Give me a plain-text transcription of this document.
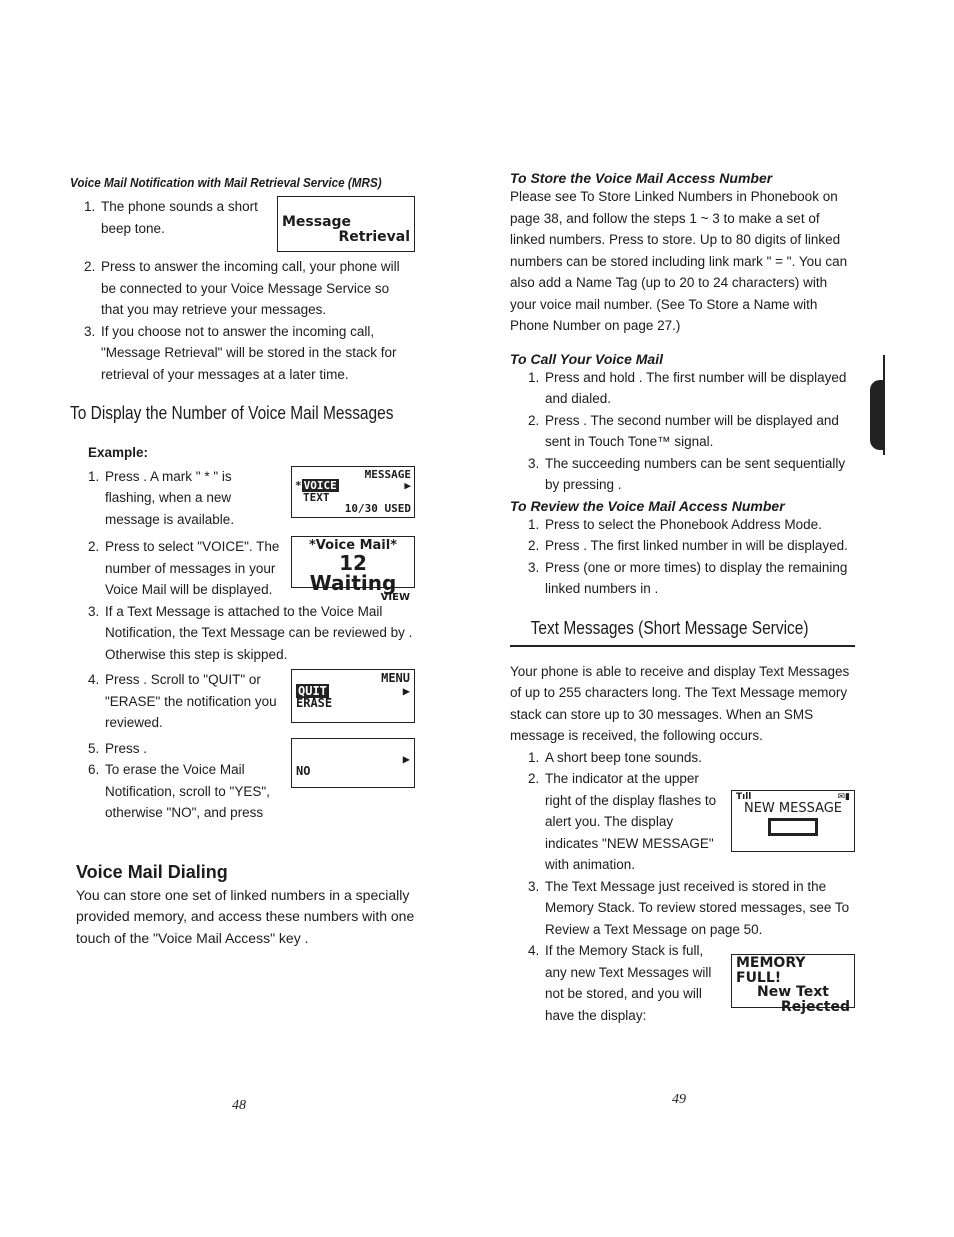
Voice Mail Notification with Mail Retrieval Service (MRS)

1. The phone sounds a short beep tone.	Message
Retrieval
2. Press to answer the incoming call, your phone will be connected to your Voice Message Service so that you may retrieve your messages.
3. If you choose not to answer the incoming call, "Message Retrieval" will be stored in the stack for retrieval of your messages at a later time.

To Display the Number of Voice Mail Messages

Example:

1. Press . A mark " * " is flashing, when a new message is available.
MESSAGE
* VOICE	▶
TEXT
10/30 USED
2. Press to select "VOICE". The number of messages in your Voice Mail will be displayed.
*Voice Mail*
12 Waiting
VIEW
3. If a Text Message is attached to the Voice Mail Notification, the Text Message can be reviewed by . Otherwise this step is skipped.
4. Press . Scroll to "QUIT" or "ERASE" the notification you reviewed.
MENU
QUIT	▶
ERASE
5. Press .
6. To erase the Voice Mail Notification, scroll to "YES", otherwise "NO", and press
▶
NO

Voice Mail Dialing

You can store one set of linked numbers in a specially provided memory, and access these numbers with one touch of the "Voice Mail Access" key .

48

To Store the Voice Mail Access Number

Please see To Store Linked Numbers in Phonebook on page 38, and follow the steps 1 ~ 3 to make a set of linked numbers. Press to store. Up to 80 digits of linked numbers can be stored including link mark " = ". You can also add a Name Tag (up to 20 to 24 characters) with your voice mail number. (See To Store a Name with Phone Number on page 27.)

To Call Your Voice Mail

1. Press and hold . The first number will be displayed and dialed.
2. Press . The second number will be displayed and sent in Touch Tone™ signal.
3. The succeeding numbers can be sent sequentially by pressing .

To Review the Voice Mail Access Number

1. Press to select the Phonebook Address Mode.
2. Press . The first linked number in will be displayed.
3. Press (one or more times) to display the remaining linked numbers in .

Text Messages (Short Message Service)

Your phone is able to receive and display Text Messages of up to 255 characters long. The Text Message memory stack can store up to 30 messages. When an SMS message is received, the following occurs.

1. A short beep tone sounds.
2. The indicator at the upper right of the display flashes to alert you. The display indicates "NEW MESSAGE" with animation.
Tıll	✉▮
NEW MESSAGE
3. The Text Message just received is stored in the Memory Stack. To review stored messages, see To Review a Text Message on page 50.
4. If the Memory Stack is full, any new Text Messages will not be stored, and you will have the display:
MEMORY FULL!
New Text
Rejected
49
